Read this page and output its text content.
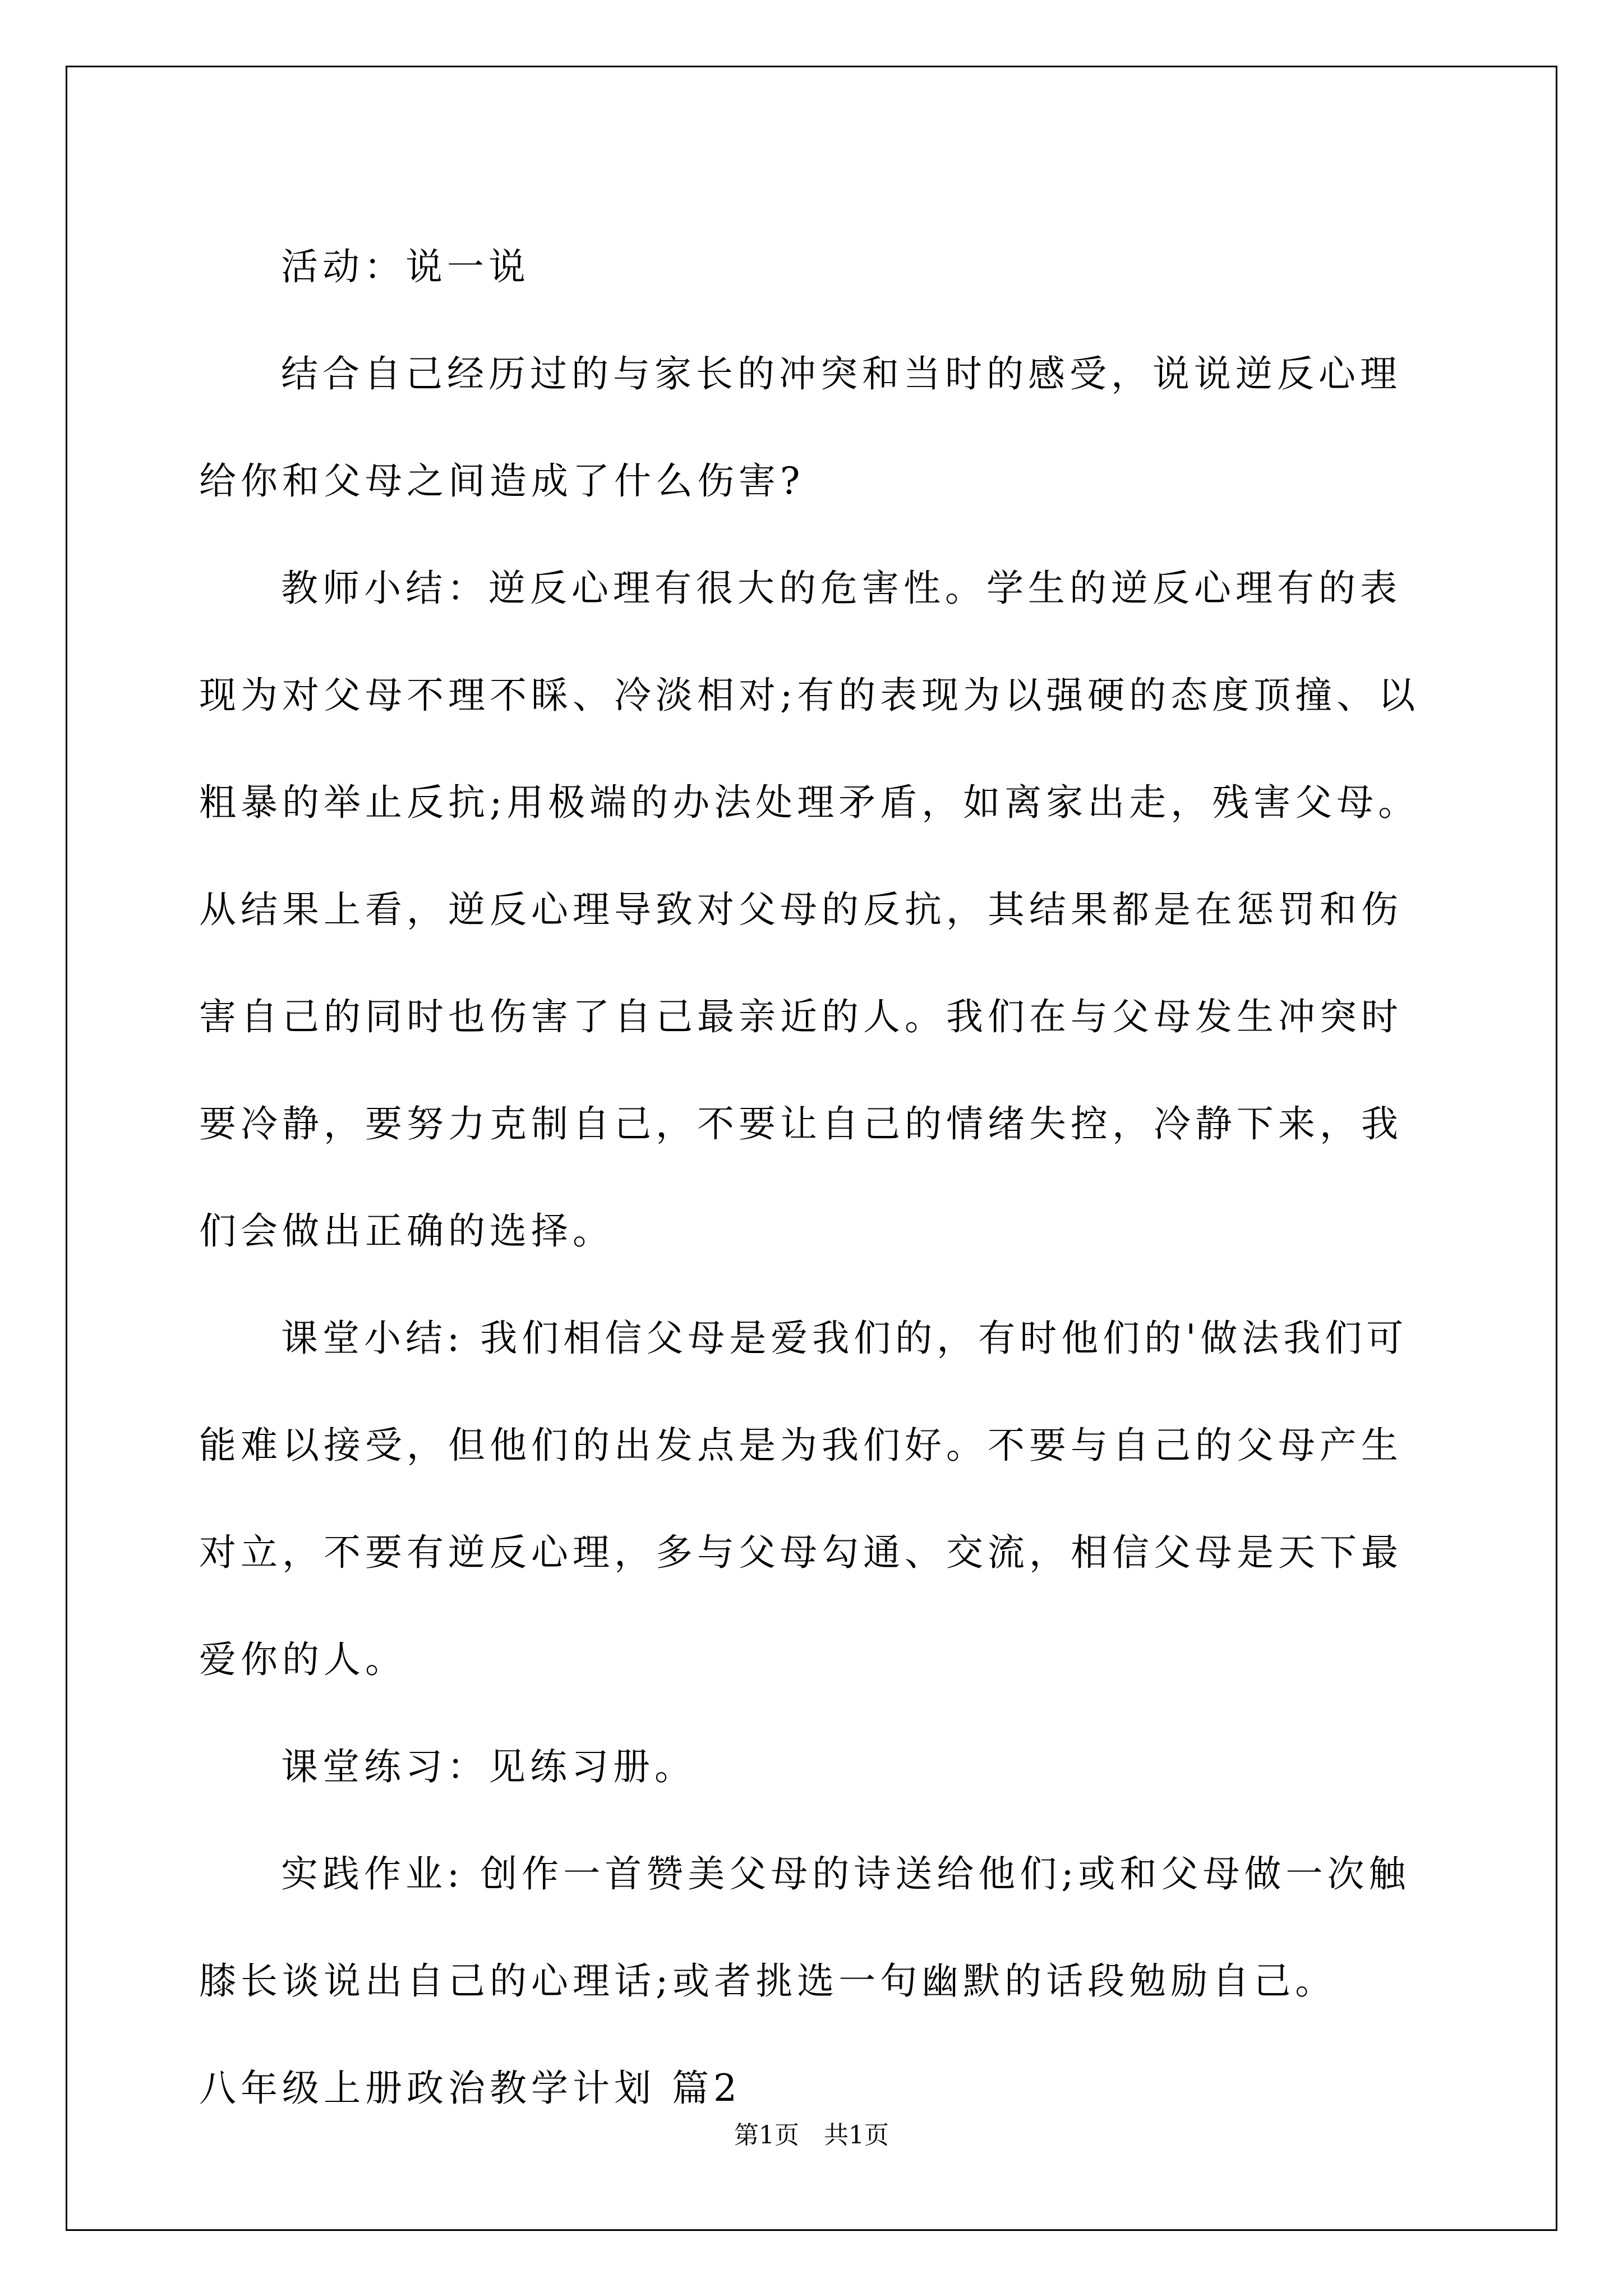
活动：说一说

结合自己经历过的与家长的冲突和当时的感受，说说逆反心理给你和父母之间造成了什么伤害?

教师小结：逆反心理有很大的危害性。学生的逆反心理有的表现为对父母不理不睬、冷淡相对;有的表现为以强硬的态度顶撞、以粗暴的举止反抗;用极端的办法处理矛盾，如离家出走，残害父母。从结果上看，逆反心理导致对父母的反抗，其结果都是在惩罚和伤害自己的同时也伤害了自己最亲近的人。我们在与父母发生冲突时要冷静，要努力克制自己，不要让自己的情绪失控，冷静下来，我们会做出正确的选择。

课堂小结: 我们相信父母是爱我们的，有时他们的'做法我们可能难以接受，但他们的出发点是为我们好。不要与自己的父母产生对立，不要有逆反心理，多与父母勾通、交流，相信父母是天下最爱你的人。

课堂练习：见练习册。

实践作业: 创作一首赞美父母的诗送给他们;或和父母做一次触膝长谈说出自己的心理话;或者挑选一句幽默的话段勉励自己。

八年级上册政治教学计划 篇2

第1页　共1页
